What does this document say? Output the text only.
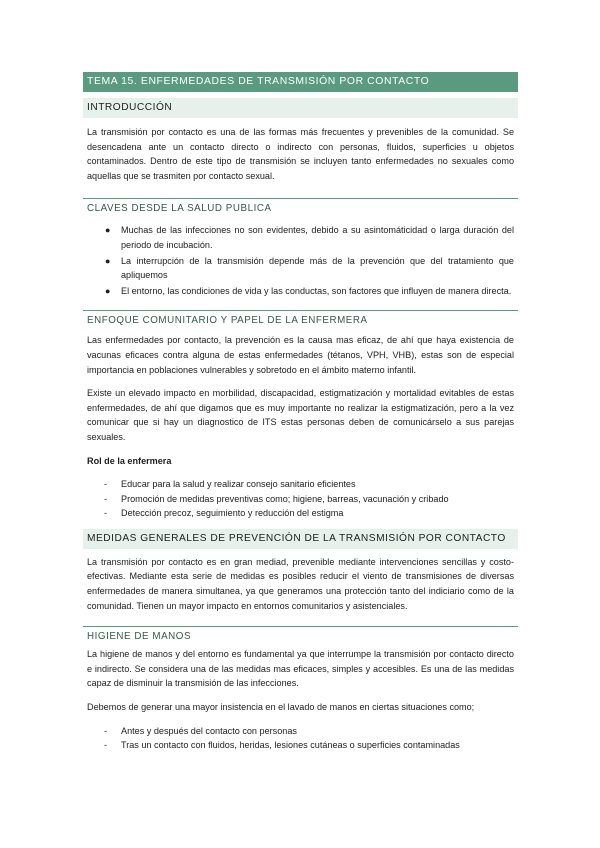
TEMA 15. ENFERMEDADES DE TRANSMISIÓN POR CONTACTO
INTRODUCCIÓN

La transmisión por contacto es una de las formas más frecuentes y prevenibles de la comunidad. Se desencadena ante un contacto directo o indirecto con personas, fluidos, superficies u objetos contaminados. Dentro de este tipo de transmisión se incluyen tanto enfermedades no sexuales como aquellas que se trasmiten por contacto sexual.

CLAVES DESDE LA SALUD PUBLICA
● Muchas de las infecciones no son evidentes, debido a su asintomáticidad o larga duración del periodo de incubación.
● La interrupción de la transmisión depende más de la prevención que del tratamiento que apliquemos
● El entorno, las condiciones de vida y las conductas, son factores que influyen de manera directa.
ENFOQUE COMUNITARIO Y PAPEL DE LA ENFERMERA

Las enfermedades por contacto, la prevención es la causa mas eficaz, de ahí que haya existencia de vacunas eficaces contra alguna de estas enfermedades (tétanos, VPH, VHB), estas son de especial importancia en poblaciones vulnerables y sobretodo en el ámbito materno infantil.

Existe un elevado impacto en morbilidad, discapacidad, estigmatización y mortalidad evitables de estas enfermedades, de ahí que digamos que es muy importante no realizar la estigmatización, pero a la vez comunicar que si hay un diagnostico de ITS estas personas deben de comunicárselo a sus parejas sexuales.

Rol de la enfermera

- Educar para la salud y realizar consejo sanitario eficientes
- Promoción de medidas preventivas como; higiene, barreas, vacunación y cribado
- Detección precoz, seguimiento y reducción del estigma
MEDIDAS GENERALES DE PREVENCIÓN DE LA TRANSMISIÓN POR CONTACTO

La transmisión por contacto es en gran mediad, prevenible mediante intervenciones sencillas y costo-efectivas. Mediante esta serie de medidas es posibles reducir el viento de transmisiones de diversas enfermedades de manera simultanea, ya que generamos una protección tanto del indiciario como de la comunidad. Tienen un mayor impacto en entornos comunitarios y asistenciales.

HIGIENE DE MANOS

La higiene de manos y del entorno es fundamental ya que interrumpe la transmisión por contacto directo e indirecto. Se considera una de las medidas mas eficaces, simples y accesibles. Es una de las medidas capaz de disminuir la transmisión de las infecciones.

Debemos de generar una mayor insistencia en el lavado de manos en ciertas situaciones como;

- Antes y después del contacto con personas
- Tras un contacto con fluidos, heridas, lesiones cutáneas o superficies contaminadas
